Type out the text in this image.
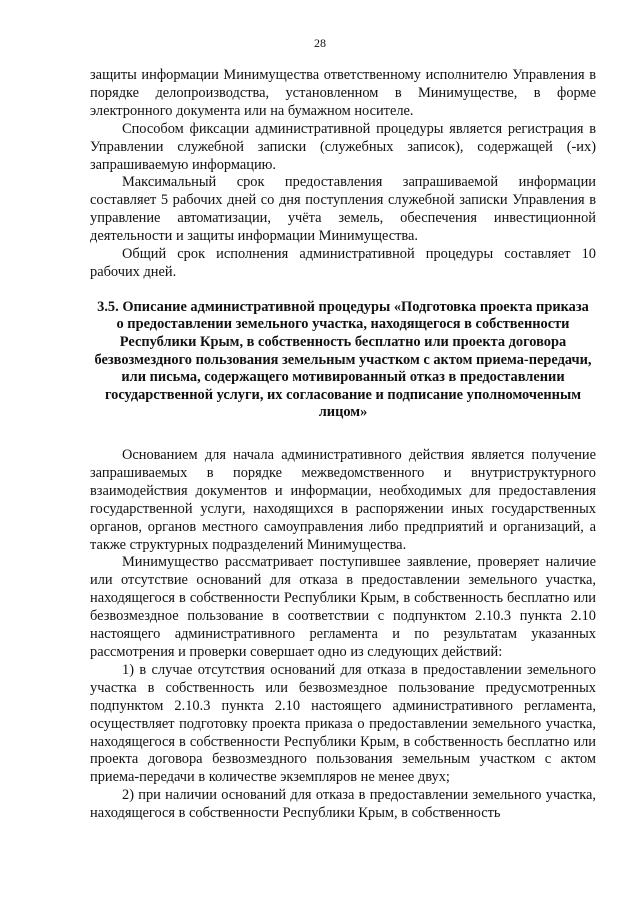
28

защиты информации Минимущества ответственному исполнителю Управления в порядке делопроизводства, установленном в Минимуществе, в форме электронного документа или на бумажном носителе.

Способом фиксации административной процедуры является регистрация в Управлении служебной записки (служебных записок), содержащей (-их) запрашиваемую информацию.

Максимальный срок предоставления запрашиваемой информации составляет 5 рабочих дней со дня поступления служебной записки Управления в управление автоматизации, учёта земель, обеспечения инвестиционной деятельности и защиты информации Минимущества.

Общий срок исполнения административной процедуры составляет 10 рабочих дней.

3.5. Описание административной процедуры «Подготовка проекта приказа о предоставлении земельного участка, находящегося в собственности Республики Крым, в собственность бесплатно или проекта договора безвозмездного пользования земельным участком с актом приема-передачи, или письма, содержащего мотивированный отказ в предоставлении государственной услуги, их согласование и подписание уполномоченным лицом»

Основанием для начала административного действия является получение запрашиваемых в порядке межведомственного и внутриструктурного взаимодействия документов и информации, необходимых для предоставления государственной услуги, находящихся в распоряжении иных государственных органов, органов местного самоуправления либо предприятий и организаций, а также структурных подразделений Минимущества.

Минимущество рассматривает поступившее заявление, проверяет наличие или отсутствие оснований для отказа в предоставлении земельного участка, находящегося в собственности Республики Крым, в собственность бесплатно или безвозмездное пользование в соответствии с подпунктом 2.10.3 пункта 2.10 настоящего административного регламента и по результатам указанных рассмотрения и проверки совершает одно из следующих действий:

1) в случае отсутствия оснований для отказа в предоставлении земельного участка в собственность или безвозмездное пользование предусмотренных подпунктом 2.10.3 пункта 2.10 настоящего административного регламента, осуществляет подготовку проекта приказа о предоставлении земельного участка, находящегося в собственности Республики Крым, в собственность бесплатно или проекта договора безвозмездного пользования земельным участком с актом приема-передачи в количестве экземпляров не менее двух;

2) при наличии оснований для отказа в предоставлении земельного участка, находящегося в собственности Республики Крым, в собственность
